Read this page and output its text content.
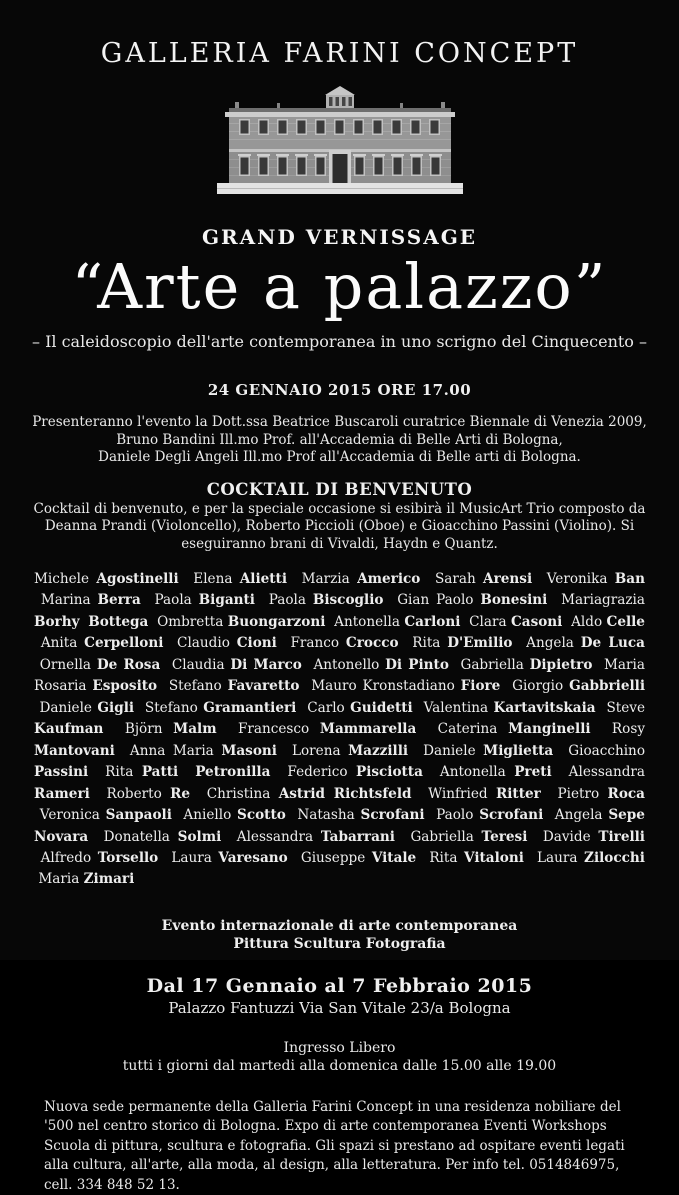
GALLERIA FARINI CONCEPT
GRAND VERNISSAGE
“Arte a palazzo”
– Il caleidoscopio dell'arte contemporanea in uno scrigno del Cinquecento –
24 GENNAIO 2015 ORE 17.00
Presenteranno l'evento la Dott.ssa Beatrice Buscaroli curatrice Biennale di Venezia 2009,
Bruno Bandini Ill.mo Prof. all'Accademia di Belle Arti di Bologna,
Daniele Degli Angeli Ill.mo Prof all'Accademia di Belle arti di Bologna.
COCKTAIL DI BENVENUTO
Cocktail di benvenuto, e per la speciale occasione si esibirà il MusicArt Trio composto da Deanna Prandi (Violoncello), Roberto Piccioli (Oboe) e Gioacchino Passini (Violino). Si eseguiranno brani di Vivaldi, Haydn e Quantz.
Michele Agostinelli Elena Alietti Marzia Americo Sarah Arensi Veronika Ban  Marina Berra Paola Biganti Paola Biscoglio Gian Paolo Bonesini Mariagrazia Borhy Bottega Ombretta Buongarzoni Antonella Carloni Clara Casoni Aldo Celle  Anita Cerpelloni Claudio Cioni Franco Crocco Rita D'Emilio Angela De Luca  Ornella De Rosa Claudia Di Marco Antonello Di Pinto Gabriella Dipietro Maria Rosaria Esposito Stefano Favaretto Mauro Kronstadiano Fiore Giorgio Gabbrielli  Daniele Gigli Stefano Gramantieri Carlo Guidetti Valentina Kartavitskaia Steve Kaufman Björn Malm Francesco Mammarella Caterina Manginelli Rosy Mantovani Anna Maria Masoni Lorena Mazzilli Daniele Miglietta Gioacchino Passini Rita Patti Petronilla Federico Pisciotta Antonella Preti Alessandra Rameri Roberto Re Christina Astrid Richtsfeld Winfried Ritter Pietro Roca  Veronica Sanpaoli Aniello Scotto Natasha Scrofani Paolo Scrofani Angela Sepe Novara Donatella Solmi Alessandra Tabarrani Gabriella Teresi Davide Tirelli  Alfredo Torsello Laura Varesano Giuseppe Vitale Rita Vitaloni Laura Zilocchi  Maria Zimari
Evento internazionale di arte contemporanea
Pittura Scultura Fotografia
Dal 17 Gennaio al 7 Febbraio 2015
Palazzo Fantuzzi Via San Vitale 23/a Bologna
Ingresso Libero
tutti i giorni dal martedi alla domenica dalle 15.00 alle 19.00
Nuova sede permanente della Galleria Farini Concept in una residenza nobiliare del '500 nel centro storico di Bologna. Expo di arte contemporanea Eventi Workshops Scuola di pittura, scultura e fotografia. Gli spazi si prestano ad ospitare eventi legati alla cultura, all'arte, alla moda, al design, alla letteratura. Per info tel. 0514846975, cell. 334 848 52 13.
